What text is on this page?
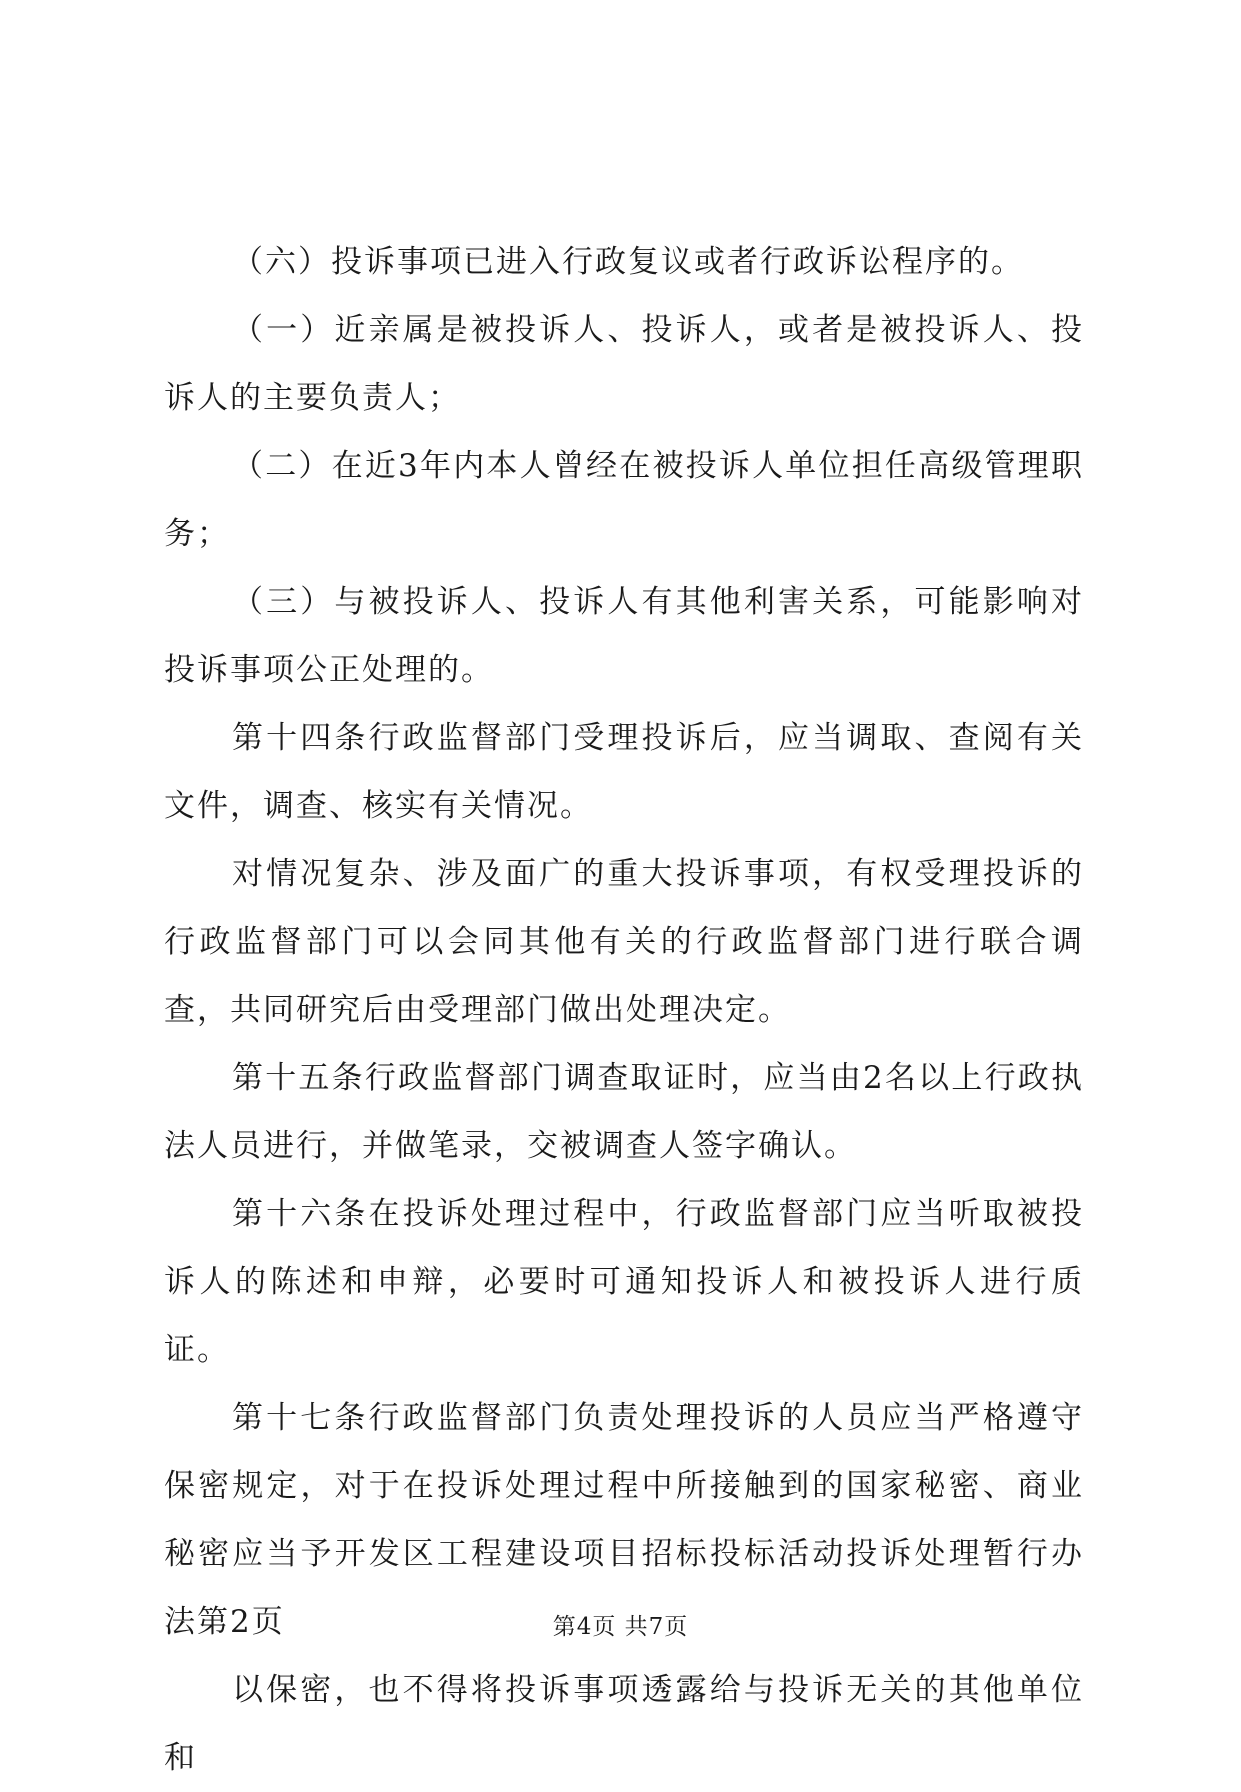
（六）投诉事项已进入行政复议或者行政诉讼程序的。

（一）近亲属是被投诉人、投诉人，或者是被投诉人、投诉人的主要负责人；

（二）在近3年内本人曾经在被投诉人单位担任高级管理职务；

（三）与被投诉人、投诉人有其他利害关系，可能影响对投诉事项公正处理的。

第十四条行政监督部门受理投诉后，应当调取、查阅有关文件，调查、核实有关情况。

对情况复杂、涉及面广的重大投诉事项，有权受理投诉的行政监督部门可以会同其他有关的行政监督部门进行联合调查，共同研究后由受理部门做出处理决定。

第十五条行政监督部门调查取证时，应当由2名以上行政执法人员进行，并做笔录，交被调查人签字确认。

第十六条在投诉处理过程中，行政监督部门应当听取被投诉人的陈述和申辩，必要时可通知投诉人和被投诉人进行质证。

第十七条行政监督部门负责处理投诉的人员应当严格遵守保密规定，对于在投诉处理过程中所接触到的国家秘密、商业秘密应当予开发区工程建设项目招标投标活动投诉处理暂行办法第2页

以保密，也不得将投诉事项透露给与投诉无关的其他单位和

第4页 共7页
